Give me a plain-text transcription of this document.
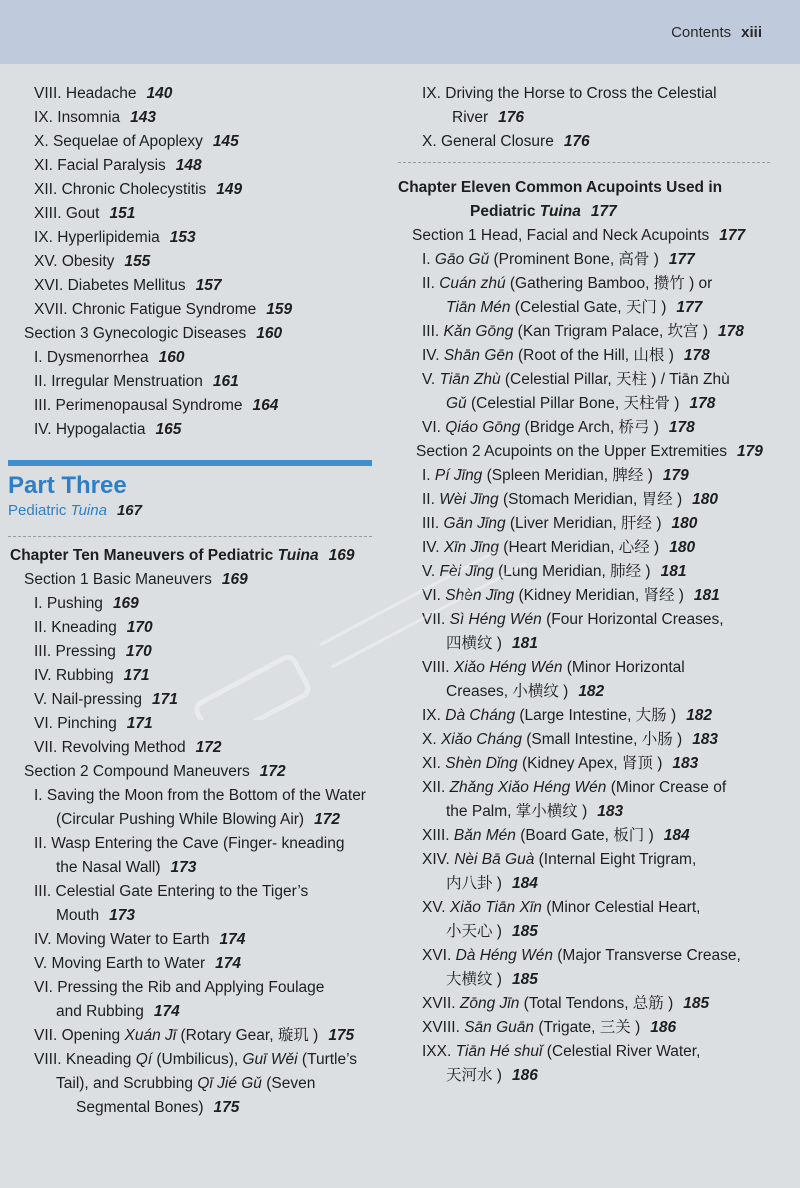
Contents xiii
VIII. Headache 140
IX. Insomnia 143
X. Sequelae of Apoplexy 145
XI. Facial Paralysis 148
XII. Chronic Cholecystitis 149
XIII. Gout 151
IX. Hyperlipidemia 153
XV. Obesity 155
XVI. Diabetes Mellitus 157
XVII. Chronic Fatigue Syndrome 159
Section 3 Gynecologic Diseases 160
I. Dysmenorrhea 160
II. Irregular Menstruation 161
III. Perimenopausal Syndrome 164
IV. Hypogalactia 165
Part Three
Pediatric Tuina 167
Chapter Ten Maneuvers of Pediatric Tuina 169
Section 1 Basic Maneuvers 169
I. Pushing 169
II. Kneading 170
III. Pressing 170
IV. Rubbing 171
V. Nail-pressing 171
VI. Pinching 171
VII. Revolving Method 172
Section 2 Compound Maneuvers 172
I. Saving the Moon from the Bottom of the Water
(Circular Pushing While Blowing Air) 172
II. Wasp Entering the Cave (Finger- kneading
the Nasal Wall) 173
III. Celestial Gate Entering to the Tiger’s
Mouth 173
IV. Moving Water to Earth 174
V. Moving Earth to Water 174
VI. Pressing the Rib and Applying Foulage
and Rubbing 174
VII. Opening Xuán Jī (Rotary Gear, 璇玑 ) 175
VIII. Kneading Qí (Umbilicus), Guī Wěi (Turtle’s
Tail), and Scrubbing Qī Jié Gǔ (Seven
Segmental Bones) 175
IX. Driving the Horse to Cross the Celestial
River 176
X. General Closure 176
Chapter Eleven Common Acupoints Used in
Pediatric Tuina 177
Section 1 Head, Facial and Neck Acupoints 177
I. Gāo Gǔ (Prominent Bone, 高骨 ) 177
II. Cuán zhú (Gathering Bamboo, 攒竹 ) or
Tiān Mén (Celestial Gate, 天门 ) 177
III. Kǎn Gōng (Kan Trigram Palace, 坎宫 ) 178
IV. Shān Gēn (Root of the Hill, 山根 ) 178
V. Tiān Zhù (Celestial Pillar, 天柱 ) / Tiān Zhù
Gǔ (Celestial Pillar Bone, 天柱骨 ) 178
VI. Qiáo Gōng (Bridge Arch, 桥弓 ) 178
Section 2 Acupoints on the Upper Extremities 179
I. Pí Jīng (Spleen Meridian, 脾经 ) 179
II. Wèi Jīng (Stomach Meridian, 胃经 ) 180
III. Gān Jīng (Liver Meridian, 肝经 ) 180
IV. Xīn Jīng (Heart Meridian, 心经 ) 180
V. Fèi Jīng (Lung Meridian, 肺经 ) 181
VI. Shèn Jīng (Kidney Meridian, 肾经 ) 181
VII. Sì Héng Wén (Four Horizontal Creases,
四横纹 ) 181
VIII. Xiǎo Héng Wén (Minor Horizontal
Creases, 小横纹 ) 182
IX. Dà Cháng (Large Intestine, 大肠 ) 182
X. Xiǎo Cháng (Small Intestine, 小肠 ) 183
XI. Shèn Dǐng (Kidney Apex, 肾顶 ) 183
XII. Zhǎng Xiǎo Héng Wén (Minor Crease of
the Palm, 掌小横纹 ) 183
XIII. Bǎn Mén (Board Gate, 板门 ) 184
XIV. Nèi Bā Guà (Internal Eight Trigram,
内八卦 ) 184
XV. Xiǎo Tiān Xīn (Minor Celestial Heart,
小天心 ) 185
XVI. Dà Héng Wén (Major Transverse Crease,
大横纹 ) 185
XVII. Zōng Jīn (Total Tendons, 总筋 ) 185
XVIII. Sān Guān (Trigate, 三关 ) 186
IXX. Tiān Hé shuǐ (Celestial River Water,
天河水 ) 186
